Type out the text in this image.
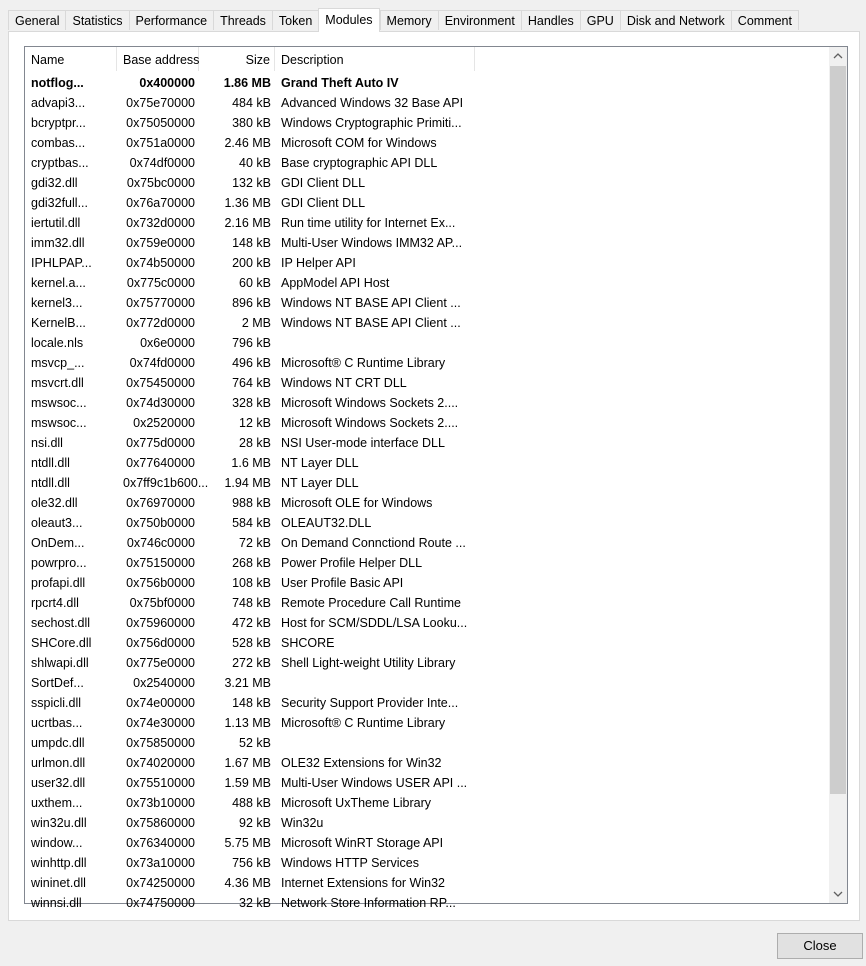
General	Statistics	Performance	Threads	Token	Modules	Memory	Environment	Handles	GPU	Disk and Network	Comment
Name	Base address	Size Description
notflog...	0x400000	1.86 MB Grand Theft Auto IV
advapi3...	0x75e70000	484 kB Advanced Windows 32 Base API
bcryptpr...	0x75050000	380 kB Windows Cryptographic Primiti...
combas...	0x751a0000	2.46 MB Microsoft COM for Windows
cryptbas...	0x74df0000	40 kB Base cryptographic API DLL
gdi32.dll	0x75bc0000	132 kB GDI Client DLL
gdi32full...	0x76a70000	1.36 MB GDI Client DLL
iertutil.dll	0x732d0000	2.16 MB Run time utility for Internet Ex...
imm32.dll	0x759e0000	148 kB Multi-User Windows IMM32 AP...
IPHLPAP...	0x74b50000	200 kB IP Helper API
kernel.a...	0x775c0000	60 kB AppModel API Host
kernel3...	0x75770000	896 kB Windows NT BASE API Client ...
KernelB...	0x772d0000	2 MB Windows NT BASE API Client ...
locale.nls	0x6e0000	796 kB
msvcp_...	0x74fd0000	496 kB Microsoft® C Runtime Library
msvcrt.dll	0x75450000	764 kB Windows NT CRT DLL
mswsoc...	0x74d30000	328 kB Microsoft Windows Sockets 2....
mswsoc...	0x2520000	12 kB Microsoft Windows Sockets 2....
nsi.dll	0x775d0000	28 kB NSI User-mode interface DLL
ntdll.dll	0x77640000	1.6 MB NT Layer DLL
ntdll.dll	0x7ff9c1b600...	1.94 MB NT Layer DLL
ole32.dll	0x76970000	988 kB Microsoft OLE for Windows
oleaut3...	0x750b0000	584 kB OLEAUT32.DLL
OnDem...	0x746c0000	72 kB On Demand Connctiond Route ...
powrpro...	0x75150000	268 kB Power Profile Helper DLL
profapi.dll	0x756b0000	108 kB User Profile Basic API
rpcrt4.dll	0x75bf0000	748 kB Remote Procedure Call Runtime
sechost.dll	0x75960000	472 kB Host for SCM/SDDL/LSA Looku...
SHCore.dll	0x756d0000	528 kB SHCORE
shlwapi.dll	0x775e0000	272 kB Shell Light-weight Utility Library
SortDef...	0x2540000	3.21 MB
sspicli.dll	0x74e00000	148 kB Security Support Provider Inte...
ucrtbas...	0x74e30000	1.13 MB Microsoft® C Runtime Library
umpdc.dll	0x75850000	52 kB
urlmon.dll	0x74020000	1.67 MB OLE32 Extensions for Win32
user32.dll	0x75510000	1.59 MB Multi-User Windows USER API ...
uxthem...	0x73b10000	488 kB Microsoft UxTheme Library
win32u.dll	0x75860000	92 kB Win32u
window...	0x76340000	5.75 MB Microsoft WinRT Storage API
winhttp.dll	0x73a10000	756 kB Windows HTTP Services
wininet.dll	0x74250000	4.36 MB Internet Extensions for Win32
winnsi.dll	0x74750000	32 kB Network Store Information RP...
Close
